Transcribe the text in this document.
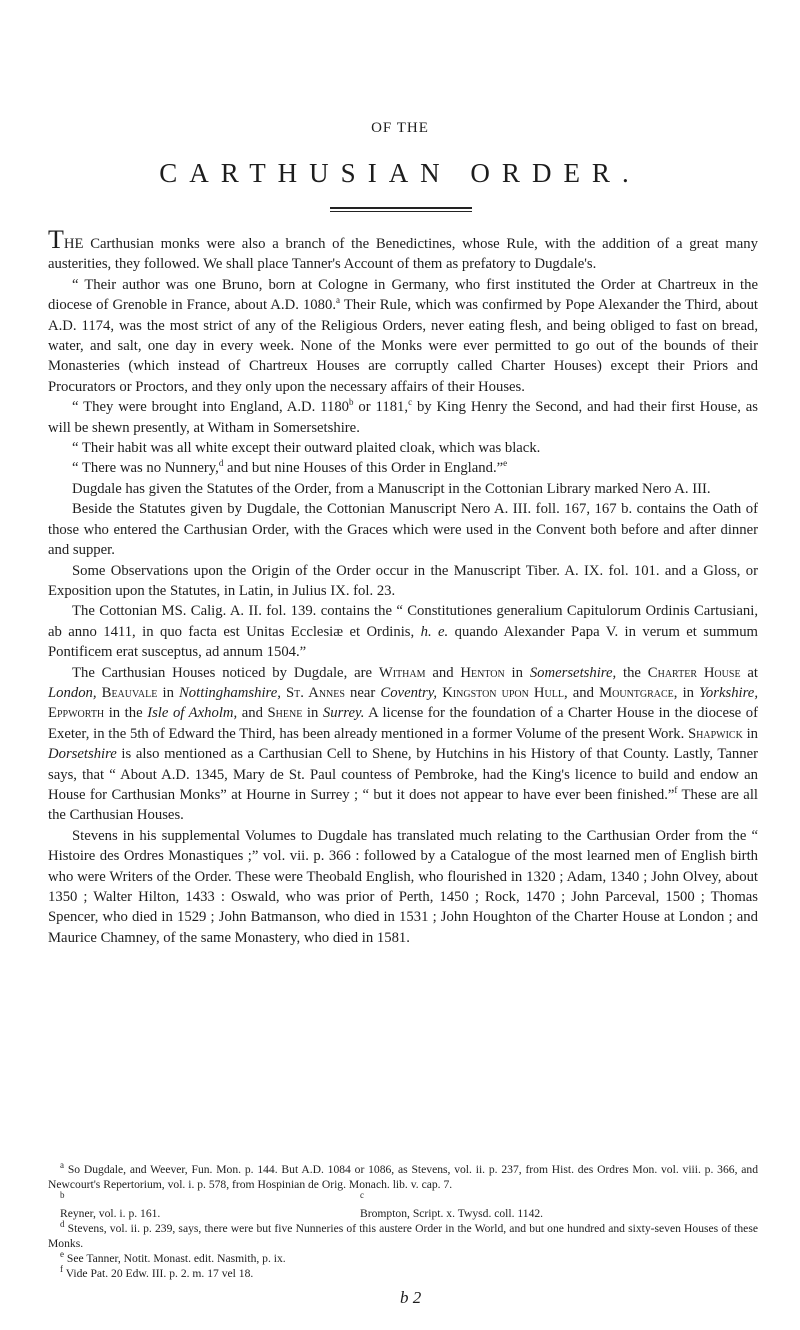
OF THE
CARTHUSIAN ORDER.

THE Carthusian monks were also a branch of the Benedictines, whose Rule, with the addition of a great many austerities, they followed. We shall place Tanner's Account of them as prefatory to Dugdale's.

“ Their author was one Bruno, born at Cologne in Germany, who first instituted the Order at Chartreux in the diocese of Grenoble in France, about A.D. 1080.$^a$ Their Rule, which was confirmed by Pope Alexander the Third, about A.D. 1174, was the most strict of any of the Religious Orders, never eating flesh, and being obliged to fast on bread, water, and salt, one day in every week. None of the Monks were ever permitted to go out of the bounds of their Monasteries (which instead of Chartreux Houses are corruptly called Charter Houses) except their Priors and Procurators or Proctors, and they only upon the necessary affairs of their Houses.

“ They were brought into England, A.D. 1180$^b$ or 1181,$^c$ by King Henry the Second, and had their first House, as will be shewn presently, at Witham in Somersetshire.

“ Their habit was all white except their outward plaited cloak, which was black.

“ There was no Nunnery,$^d$ and but nine Houses of this Order in England.”$^e$

Dugdale has given the Statutes of the Order, from a Manuscript in the Cottonian Library marked Nero A. III.

Beside the Statutes given by Dugdale, the Cottonian Manuscript Nero A. III. foll. 167, 167 b. contains the Oath of those who entered the Carthusian Order, with the Graces which were used in the Convent both before and after dinner and supper.

Some Observations upon the Origin of the Order occur in the Manuscript Tiber. A. IX. fol. 101. and a Gloss, or Exposition upon the Statutes, in Latin, in Julius IX. fol. 23.

The Cottonian MS. Calig. A. II. fol. 139. contains the “ Constitutiones generalium Capitulorum Ordinis Cartusiani, ab anno 1411, in quo facta est Unitas Ecclesiæ et Ordinis, h. e. quando Alexander Papa V. in verum et summum Pontificem erat susceptus, ad annum 1504.”

The Carthusian Houses noticed by Dugdale, are Witham and Henton in Somersetshire, the Charter House at London, Beauvale in Nottinghamshire, St. Annes near Coventry, Kingston upon Hull, and Mountgrace, in Yorkshire, Eppworth in the Isle of Axholm, and Shene in Surrey. A license for the foundation of a Charter House in the diocese of Exeter, in the 5th of Edward the Third, has been already mentioned in a former Volume of the present Work. Shapwick in Dorsetshire is also mentioned as a Carthusian Cell to Shene, by Hutchins in his History of that County. Lastly, Tanner says, that “ About A.D. 1345, Mary de St. Paul countess of Pembroke, had the King's licence to build and endow an House for Carthusian Monks” at Hourne in Surrey ; “ but it does not appear to have ever been finished.”$^f$ These are all the Carthusian Houses.

Stevens in his supplemental Volumes to Dugdale has translated much relating to the Carthusian Order from the “ Histoire des Ordres Monastiques ;” vol. vii. p. 366 : followed by a Catalogue of the most learned men of English birth who were Writers of the Order. These were Theobald English, who flourished in 1320 ; Adam, 1340 ; John Olvey, about 1350 ; Walter Hilton, 1433 : Oswald, who was prior of Perth, 1450 ; Rock, 1470 ; John Parceval, 1500 ; Thomas Spencer, who died in 1529 ; John Batmanson, who died in 1531 ; John Houghton of the Charter House at London ; and Maurice Chamney, of the same Monastery, who died in 1581.

$^a$ So Dugdale, and Weever, Fun. Mon. p. 144. But A.D. 1084 or 1086, as Stevens, vol. ii. p. 237, from Hist. des Ordres Mon. vol. viii. p. 366, and Newcourt's Repertorium, vol. i. p. 578, from Hospinian de Orig. Monach. lib. v. cap. 7.

$^b$
Reyner, vol. i. p. 161.

$^c$
Brompton, Script. x. Twysd. coll. 1142.

$^d$ Stevens, vol. ii. p. 239, says, there were but five Nunneries of this austere Order in the World, and but one hundred and sixty-seven Houses of these Monks.

$^e$ See Tanner, Notit. Monast. edit. Nasmith, p. ix.

$^f$ Vide Pat. 20 Edw. III. p. 2. m. 17 vel 18.

b 2
